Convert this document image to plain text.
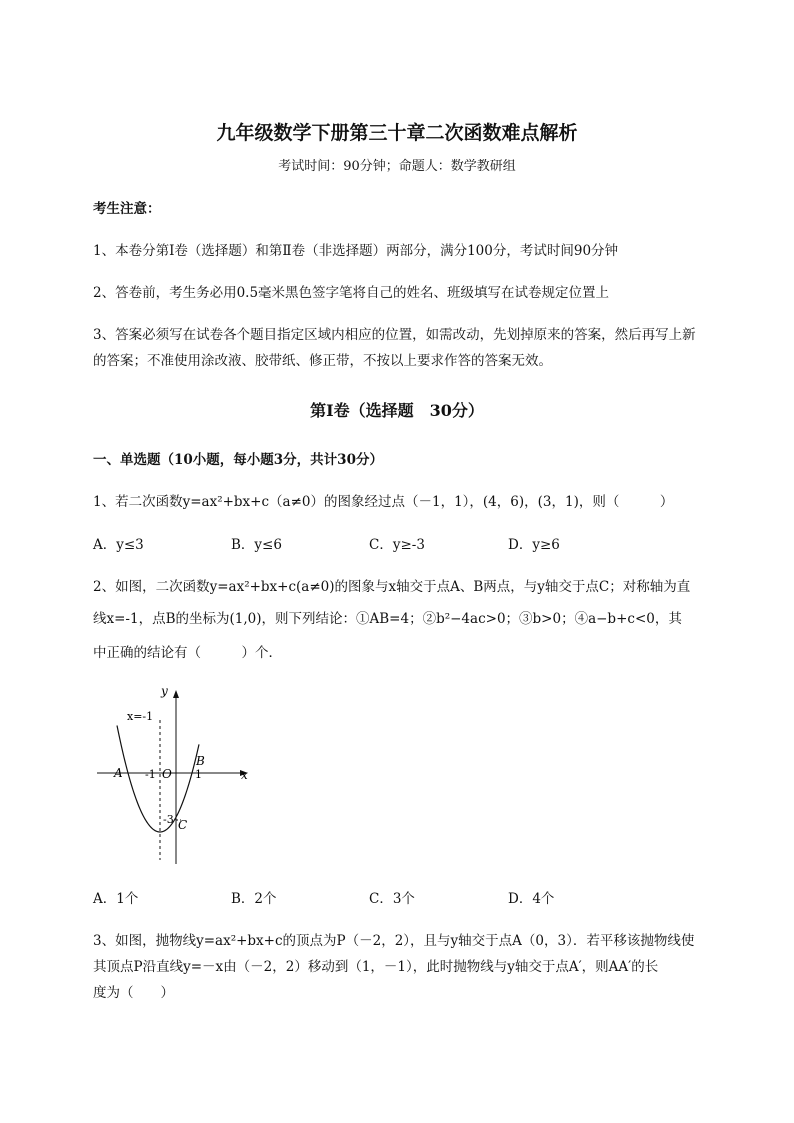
九年级数学下册第三十章二次函数难点解析
考试时间：90分钟；命题人：数学教研组
考生注意：
1、本卷分第Ⅰ卷（选择题）和第Ⅱ卷（非选择题）两部分，满分100分，考试时间90分钟
2、答卷前，考生务必用0.5毫米黑色签字笔将自己的姓名、班级填写在试卷规定位置上
3、答案必须写在试卷各个题目指定区域内相应的位置，如需改动，先划掉原来的答案，然后再写上新
的答案；不准使用涂改液、胶带纸、修正带，不按以上要求作答的答案无效。
第Ⅰ卷（选择题　30分）
一、单选题（10小题，每小题3分，共计30分）
1、若二次函数y=ax²+bx+c（a≠0）的图象经过点（－1，1），(4，6)，(3，1)，则（　　　）
A．y≤3	B．y≤6	C．y≥-3	D．y≥6
2、如图，二次函数y=ax²+bx+c(a≠0)的图象与x轴交于点A、B两点，与y轴交于点C；对称轴为直
线x=-1，点B的坐标为(1,0)，则下列结论：①AB=4；②b²−4ac>0；③b>0；④a−b+c<0，其
中正确的结论有（　　　）个．
y
x
x=-1
A
B
C
O
-1	1
-3
A．1个	B．2个	C．3个	D．4个
3、如图，抛物线y=ax²+bx+c的顶点为P（－2，2），且与y轴交于点A（0，3）．若平移该抛物线使
其顶点P沿直线y=－x由（－2，2）移动到（1，－1），此时抛物线与y轴交于点A′，则AA′的长
度为（　　）
